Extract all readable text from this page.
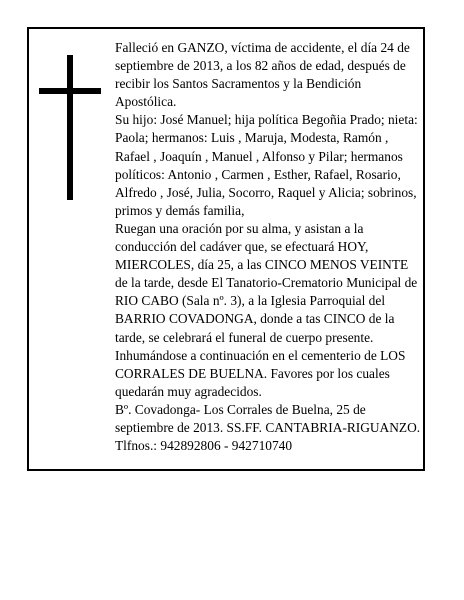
Falleció en GANZO, víctima de accidente, el día 24 de septiembre de 2013, a los 82 años de edad, después de recibir los Santos Sacramentos y la Bendición Apostólica.

Su hijo: José Manuel; hija política Begoñia Prado; nieta: Paola; hermanos: Luis , Maruja, Modesta, Ramón , Rafael , Joaquín , Manuel , Alfonso y Pilar; hermanos políticos: Antonio , Carmen , Esther, Rafael, Rosario, Alfredo , José, Julia, Socorro, Raquel y Alicia; sobrinos, primos y demás familia,

Ruegan una oración por su alma, y asistan a la conducción del cadáver que, se efectuará HOY, MIERCOLES, día 25, a las CINCO MENOS VEINTE de la tarde, desde El Tanatorio-Crematorio Municipal de RIO CABO (Sala nº. 3), a la Iglesia Parroquial del BARRIO COVADONGA, donde a tas CINCO de la tarde, se celebrará el funeral de cuerpo presente.

Inhumándose a continuación en el cementerio de LOS CORRALES DE BUELNA. Favores por los cuales quedarán muy agradecidos.

Bº. Covadonga- Los Corrales de Buelna, 25 de septiembre de 2013. SS.FF. CANTABRIA-RIGUANZO. Tlfnos.: 942892806 - 942710740
